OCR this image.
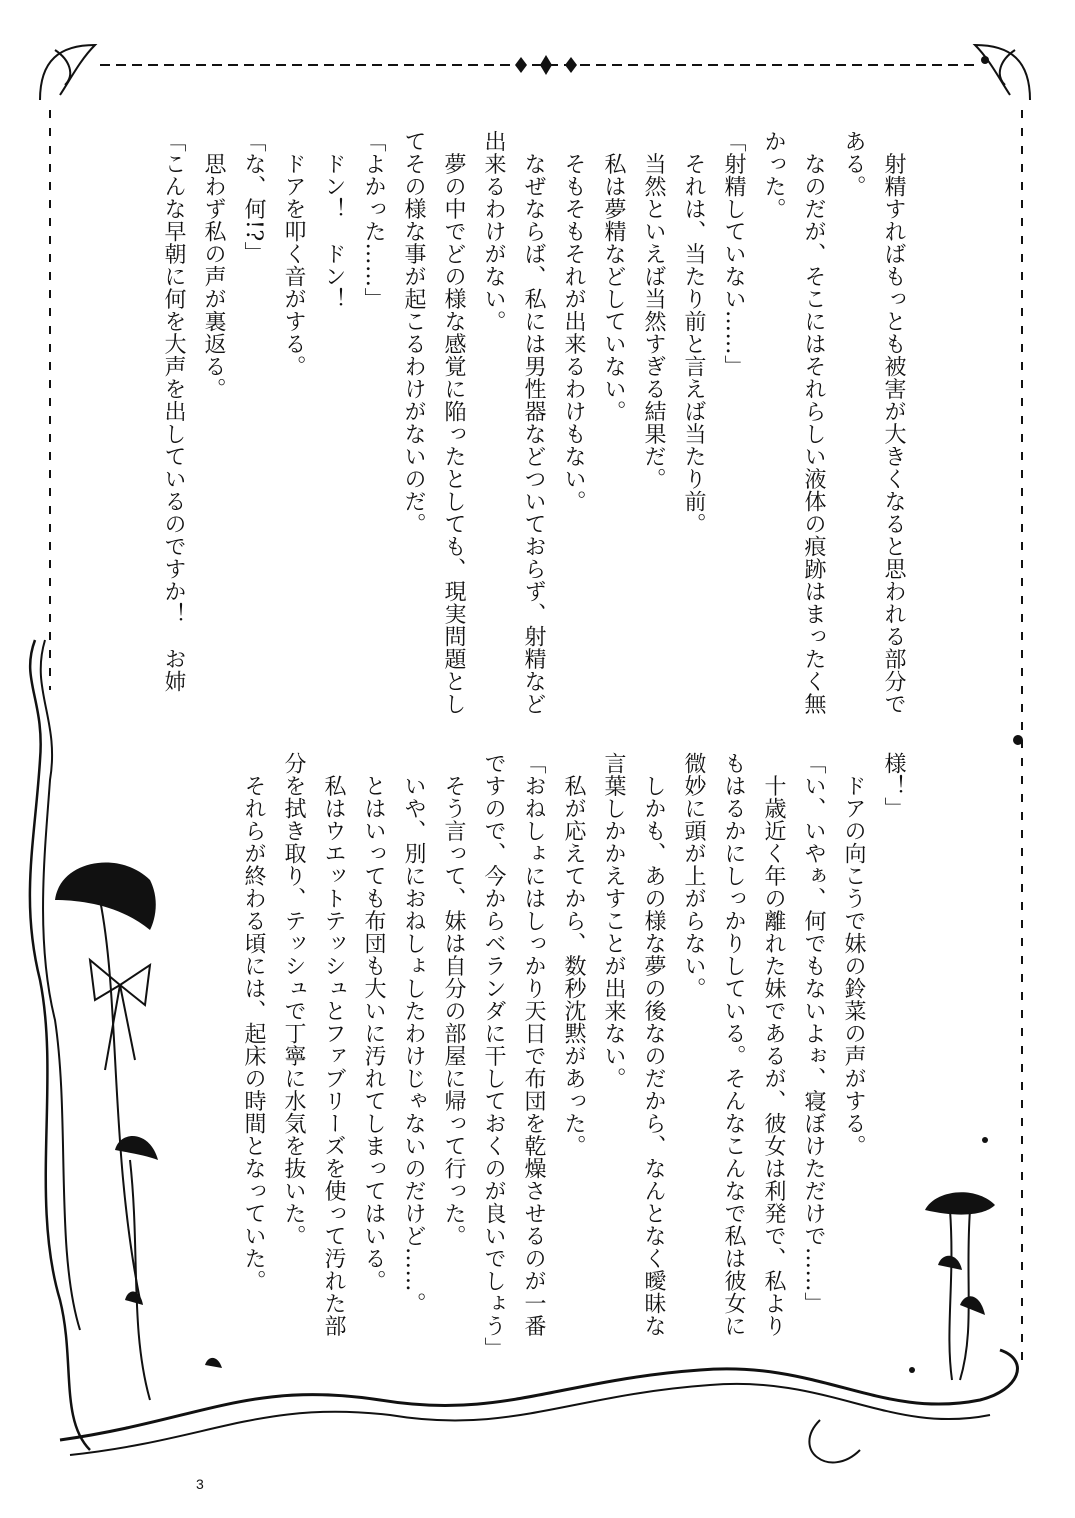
　射精すればもっとも被害が大きくなると思われる部分で
ある。
　なのだが、そこにはそれらしい液体の痕跡はまったく無
かった。
「射精していない……」
　それは、当たり前と言えば当たり前。
　当然といえば当然すぎる結果だ。
　私は夢精などしていない。
　そもそもそれが出来るわけもない。
　なぜならば、私には男性器などついておらず、射精など
出来るわけがない。
　夢の中でどの様な感覚に陥ったとしても、現実問題とし
てその様な事が起こるわけがないのだ。
「よかった……」
　ドン！　ドン！
　ドアを叩く音がする。
「な、何!?」
　思わず私の声が裏返る。
「こんな早朝に何を大声を出しているのですか！　お姉
様！」
　ドアの向こうで妹の鈴菜の声がする。
「い、いやぁ、何でもないよぉ、寝ぼけただけで……」
　十歳近く年の離れた妹であるが、彼女は利発で、私より
もはるかにしっかりしている。そんなこんなで私は彼女に
微妙に頭が上がらない。
　しかも、あの様な夢の後なのだから、なんとなく曖昧な
言葉しかかえすことが出来ない。
　私が応えてから、数秒沈黙があった。
「おねしょにはしっかり天日で布団を乾燥させるのが一番
ですので、今からベランダに干しておくのが良いでしょう」
　そう言って、妹は自分の部屋に帰って行った。
　いや、別におねしょしたわけじゃないのだけど……。
　とはいっても布団も大いに汚れてしまってはいる。
　私はウエットテッシュとファブリーズを使って汚れた部
分を拭き取り、テッシュで丁寧に水気を抜いた。
　それらが終わる頃には、起床の時間となっていた。
3
